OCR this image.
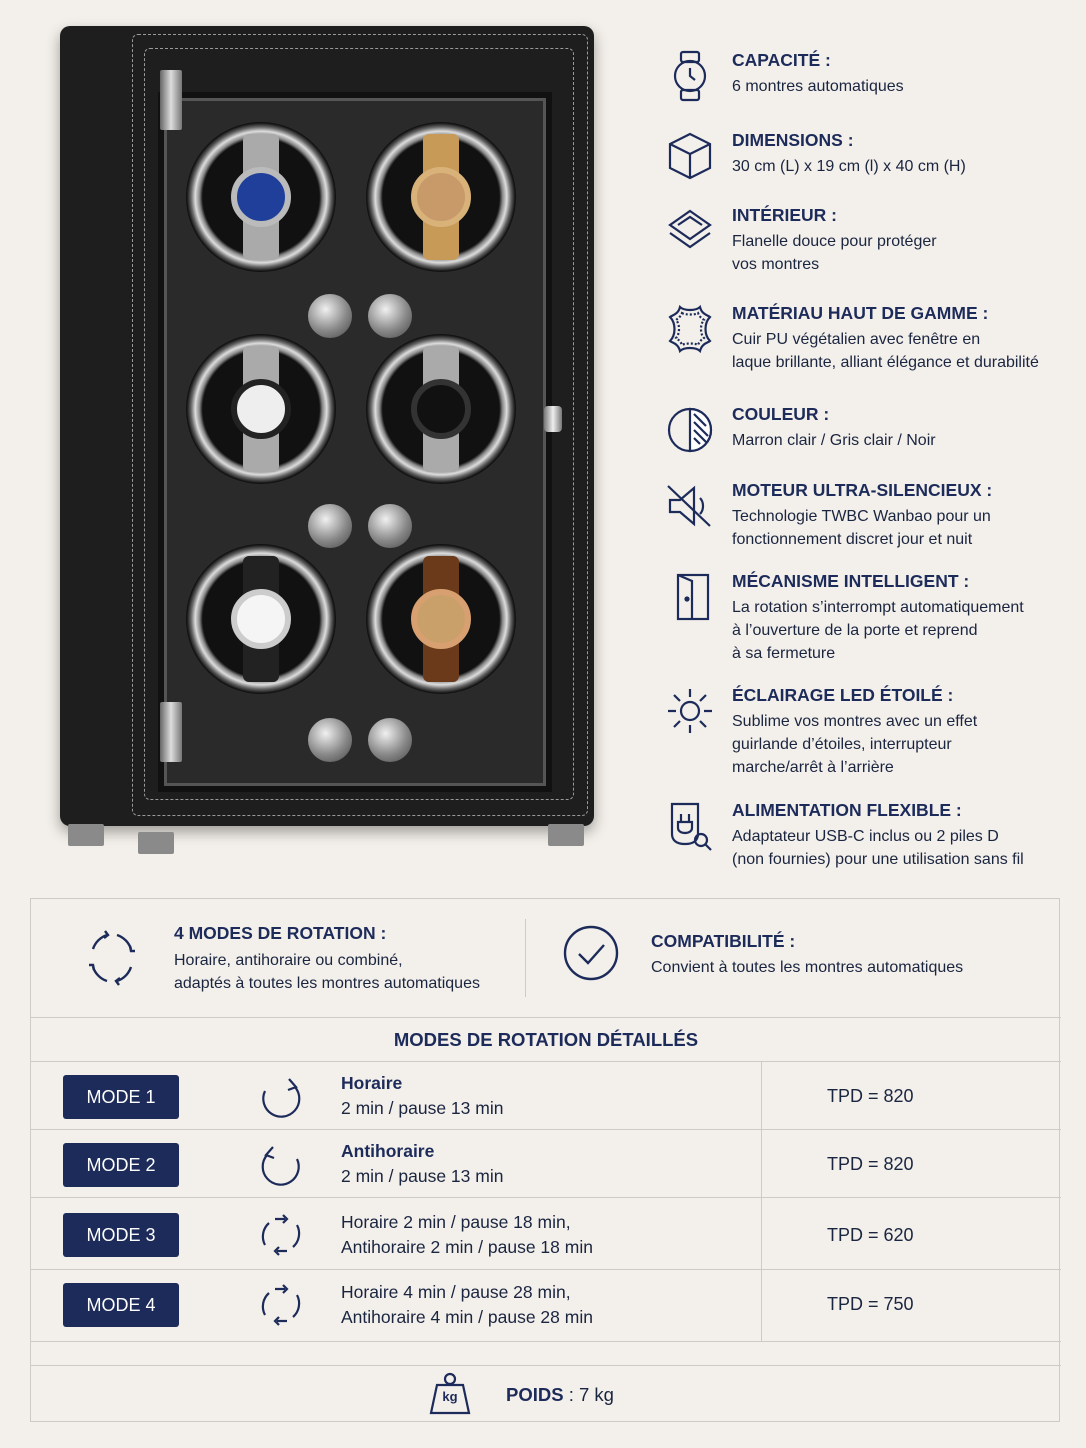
CAPACITÉ :
6 montres automatiques
DIMENSIONS :
30 cm (L) x 19 cm (l) x 40 cm (H)
INTÉRIEUR :
Flanelle douce pour protéger
vos montres
MATÉRIAU HAUT DE GAMME :
Cuir PU végétalien avec fenêtre en
laque brillante, alliant élégance et durabilité
COULEUR :
Marron clair / Gris clair / Noir
MOTEUR ULTRA-SILENCIEUX :
Technologie TWBC Wanbao pour un
fonctionnement discret jour et nuit
MÉCANISME INTELLIGENT :
La rotation s’interrompt automatiquement
à l’ouverture de la porte et reprend
à sa fermeture
ÉCLAIRAGE LED ÉTOILÉ :
Sublime vos montres avec un effet
guirlande d’étoiles, interrupteur
marche/arrêt à l’arrière
ALIMENTATION FLEXIBLE :
Adaptateur USB-C inclus ou 2 piles D
(non fournies) pour une utilisation sans fil
4 MODES DE ROTATION :
Horaire, antihoraire ou combiné,
adaptés à toutes les montres automatiques
COMPATIBILITÉ :
Convient à toutes les montres automatiques
MODES DE ROTATION DÉTAILLÉS
MODE 1
Horaire
2 min / pause 13 min
TPD = 820
MODE 2
Antihoraire
2 min / pause 13 min
TPD = 820
MODE 3
Horaire 2 min / pause 18 min,
Antihoraire 2 min / pause 18 min
TPD = 620
MODE 4
Horaire 4 min / pause 28 min,
Antihoraire 4 min / pause 28 min
TPD = 750
kg	POIDS : 7 kg
